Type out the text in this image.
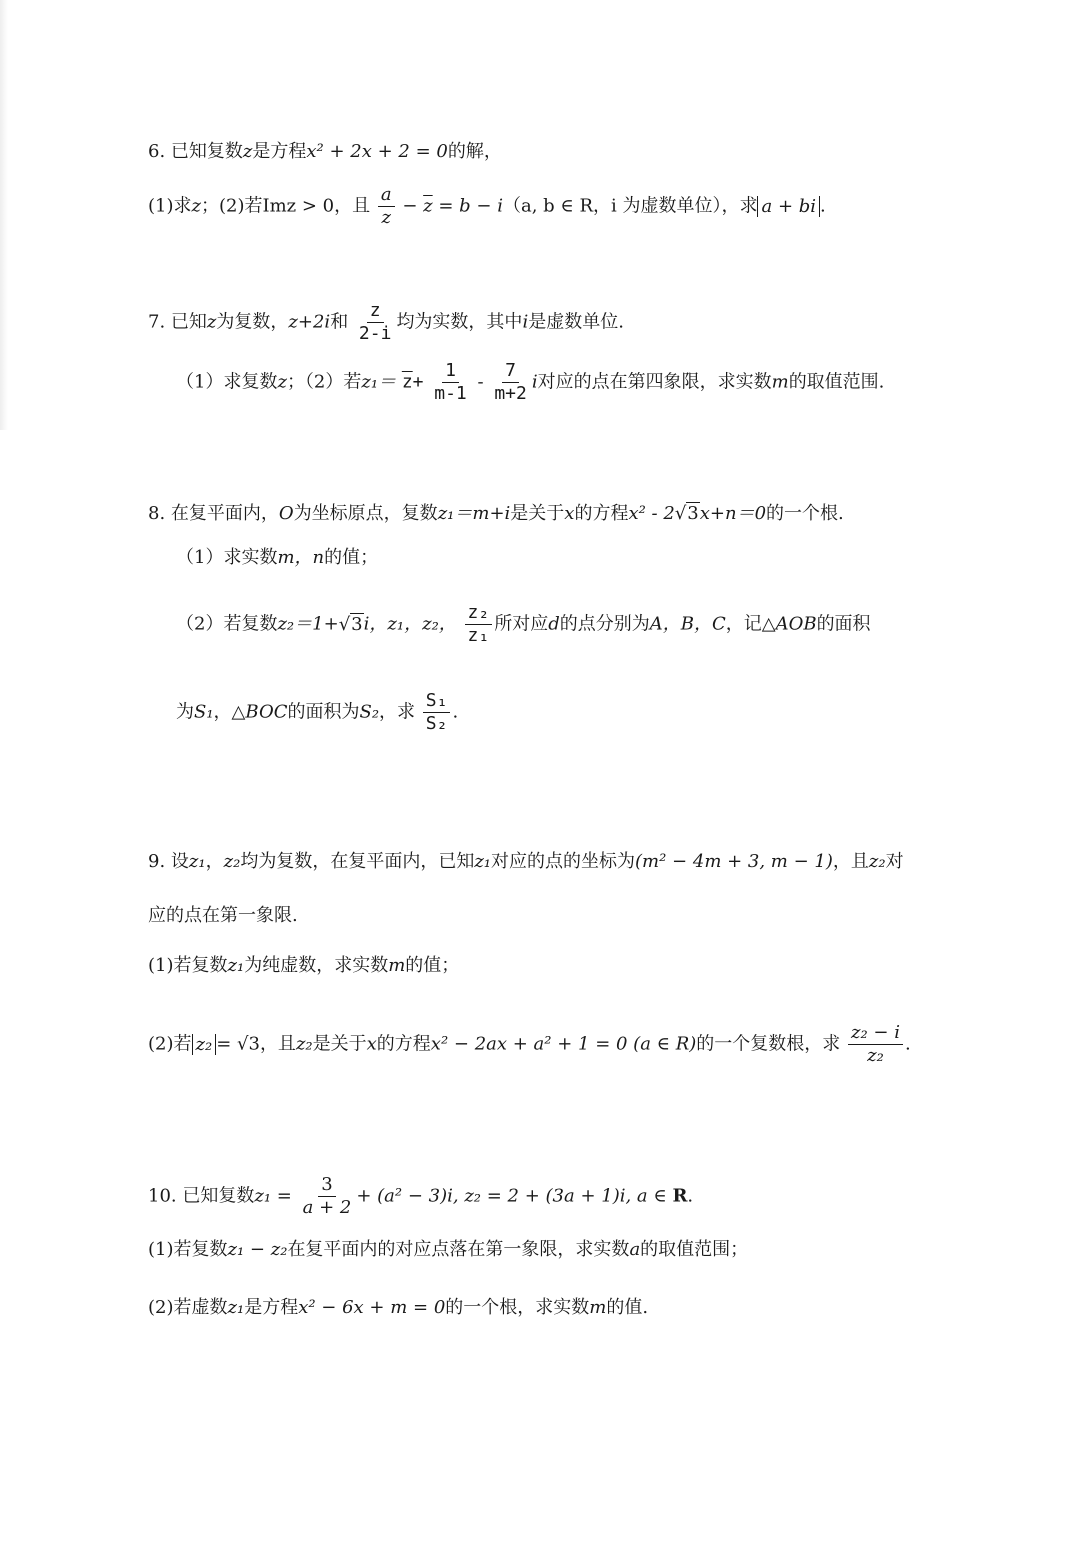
6. 已知复数z是方程x² + 2x + 2 = 0的解，
(1)求z；(2)若Imz > 0，且 $\frac{a}{z} - \overline{z} = b - i(a$, b ∈ R，i 为虚数单位），求 a + bi .
7. 已知z为复数，z+2i和 $\frac{z}{2-i}$ 均为实数，其中i是虚数单位.
（1）求复数z；（2）若$z_1= \overline{z}+ \frac{1}{m-1} - \frac{7}{m+2}$ i对应的点在第四象限，求实数m的取值范围.
8. 在复平面内，O为坐标原点，复数z₁＝m+i是关于x的方程x² - 2√3x+n＝0的一个根.
（1）求实数m，n的值；
（2）若复数z₂＝1+√3i，z₁，z₂， $\frac{\text{z₂}}{\text{z₁}}$ 所对应d的点分别为A，B，C，记△AOB的面积
为S₁，△BOC的面积为S₂，求 $\frac{\text{S₁}}{\text{S₂}}$ .
9. 设z₁，z₂均为复数，在复平面内，已知z₁对应的点的坐标为(m² − 4m + 3, m − 1)，且z₂对
应的点在第一象限.
(1)若复数z₁为纯虚数，求实数m的值；
(2)若 z₂ = √3，且z₂是关于x的方程x² − 2ax + a² + 1 = 0 (a ∈ R)的一个复数根，求 $\frac{\text{z₂ − i}}{\text{z₂}}$ .
10. 已知复数$z_1 = \frac{3}{a + 2} + (a^2 - 3)i$, z₂ = 2 + (3a + 1)i, a ∈ R.
(1)若复数z₁ − z₂在复平面内的对应点落在第一象限，求实数a的取值范围；
(2)若虚数z₁是方程x² − 6x + m = 0的一个根，求实数m的值.
